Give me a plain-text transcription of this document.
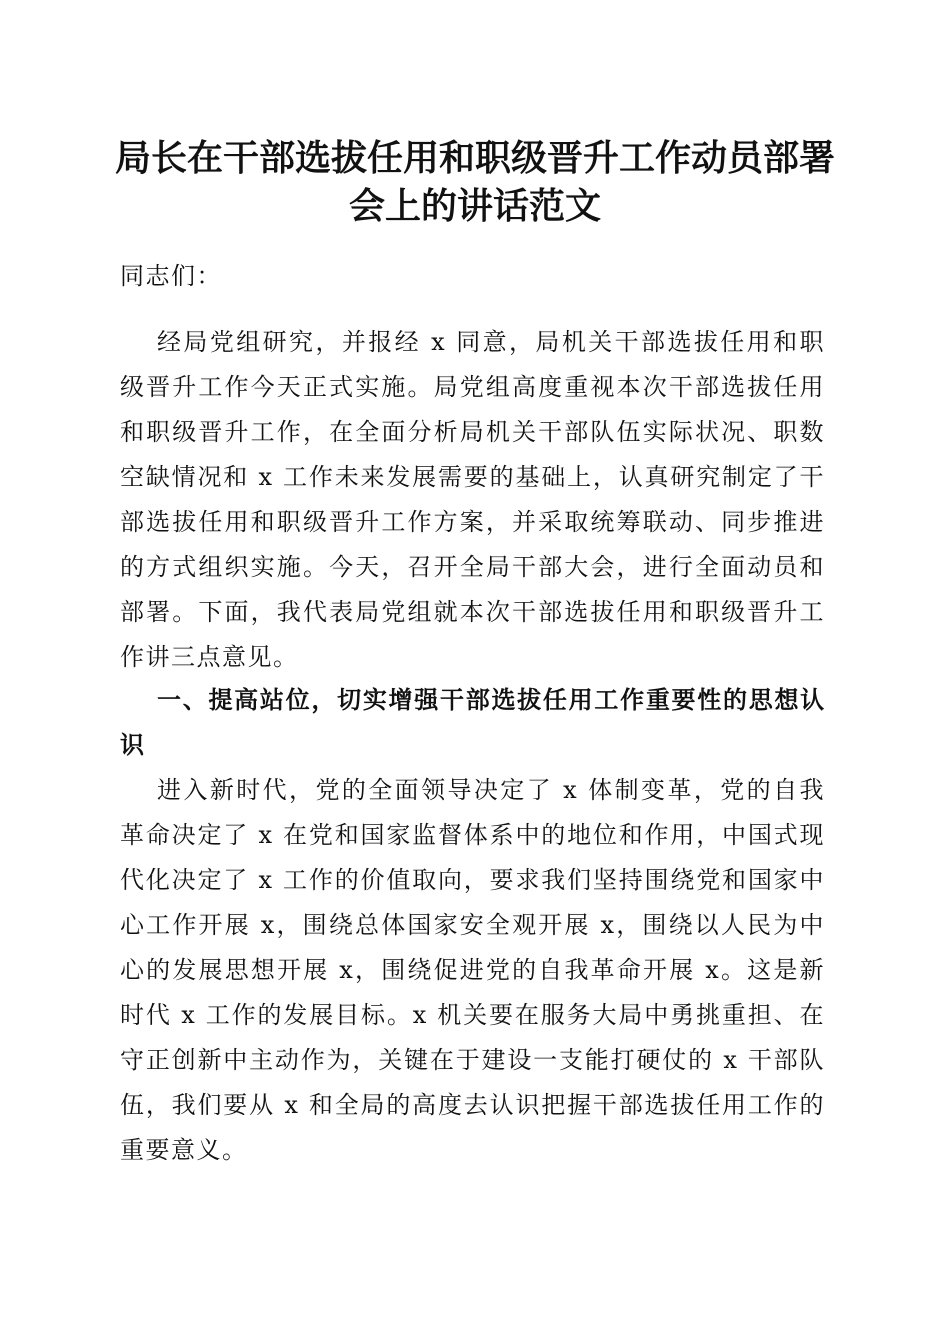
局长在干部选拔任用和职级晋升工作动员部署
会上的讲话范文

同志们：

经局党组研究，并报经 x 同意，局机关干部选拔任用和职级晋升工作今天正式实施。局党组高度重视本次干部选拔任用和职级晋升工作，在全面分析局机关干部队伍实际状况、职数空缺情况和 x 工作未来发展需要的基础上，认真研究制定了干部选拔任用和职级晋升工作方案，并采取统筹联动、同步推进的方式组织实施。今天，召开全局干部大会，进行全面动员和部署。下面，我代表局党组就本次干部选拔任用和职级晋升工作讲三点意见。

一、提高站位，切实增强干部选拔任用工作重要性的思想认识

进入新时代，党的全面领导决定了 x 体制变革，党的自我革命决定了 x 在党和国家监督体系中的地位和作用，中国式现代化决定了 x 工作的价值取向，要求我们坚持围绕党和国家中心工作开展 x，围绕总体国家安全观开展 x，围绕以人民为中心的发展思想开展 x，围绕促进党的自我革命开展 x。这是新时代 x 工作的发展目标。x 机关要在服务大局中勇挑重担、在守正创新中主动作为，关键在于建设一支能打硬仗的 x 干部队伍，我们要从 x 和全局的高度去认识把握干部选拔任用工作的重要意义。
